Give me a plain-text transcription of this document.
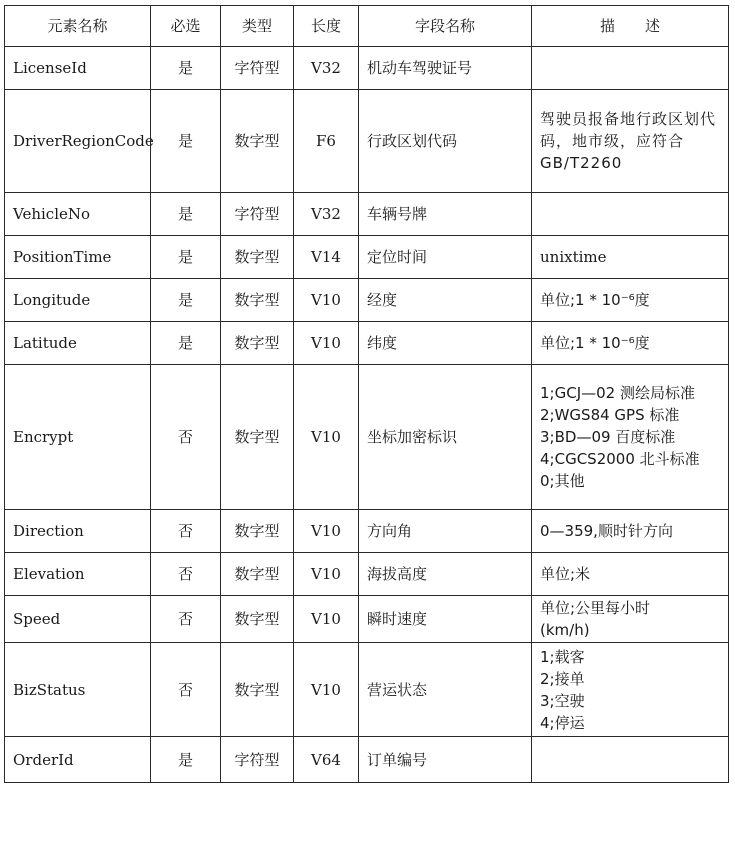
元素名称	必选	类型	长度	字段名称	描　　述
LicenseId	是	字符型	V32	机动车驾驶证号	

DriverRegionCode	是	数字型	F6	行政区划代码	驾驶员报备地行政区划代码，地市级，应符合 GB/T2260
VehicleNo	是	字符型	V32	车辆号牌	

PositionTime	是	数字型	V14	定位时间	unixtime

Longitude	是	数字型	V10	经度	单位;1 * 10⁻⁶度

Latitude	是	数字型	V10	纬度	单位;1 * 10⁻⁶度

Encrypt	否	数字型	V10	坐标加密标识	1;GCJ—02 测绘局标准
2;WGS84 GPS 标准
3;BD—09 百度标准
4;CGCS2000 北斗标准
0;其他

Direction	否	数字型	V10	方向角	0—359,顺时针方向

Elevation	否	数字型	V10	海拔高度	单位;米

Speed	否	数字型	V10	瞬时速度	单位;公里每小时
(km/h)

BizStatus	否	数字型	V10	营运状态	1;载客
2;接单
3;空驶
4;停运

OrderId	是	字符型	V64	订单编号	
